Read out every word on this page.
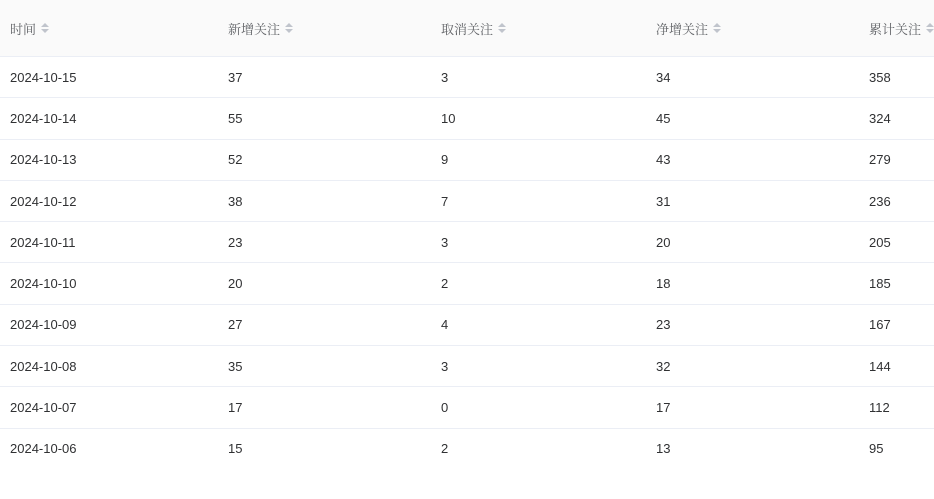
时间	新增关注	取消关注	净增关注	累计关注

2024-10-15	37	3	34	358
2024-10-14	55	10	45	324
2024-10-13	52	9	43	279
2024-10-12	38	7	31	236
2024-10-11	23	3	20	205
2024-10-10	20	2	18	185
2024-10-09	27	4	23	167
2024-10-08	35	3	32	144
2024-10-07	17	0	17	112
2024-10-06	15	2	13	95
